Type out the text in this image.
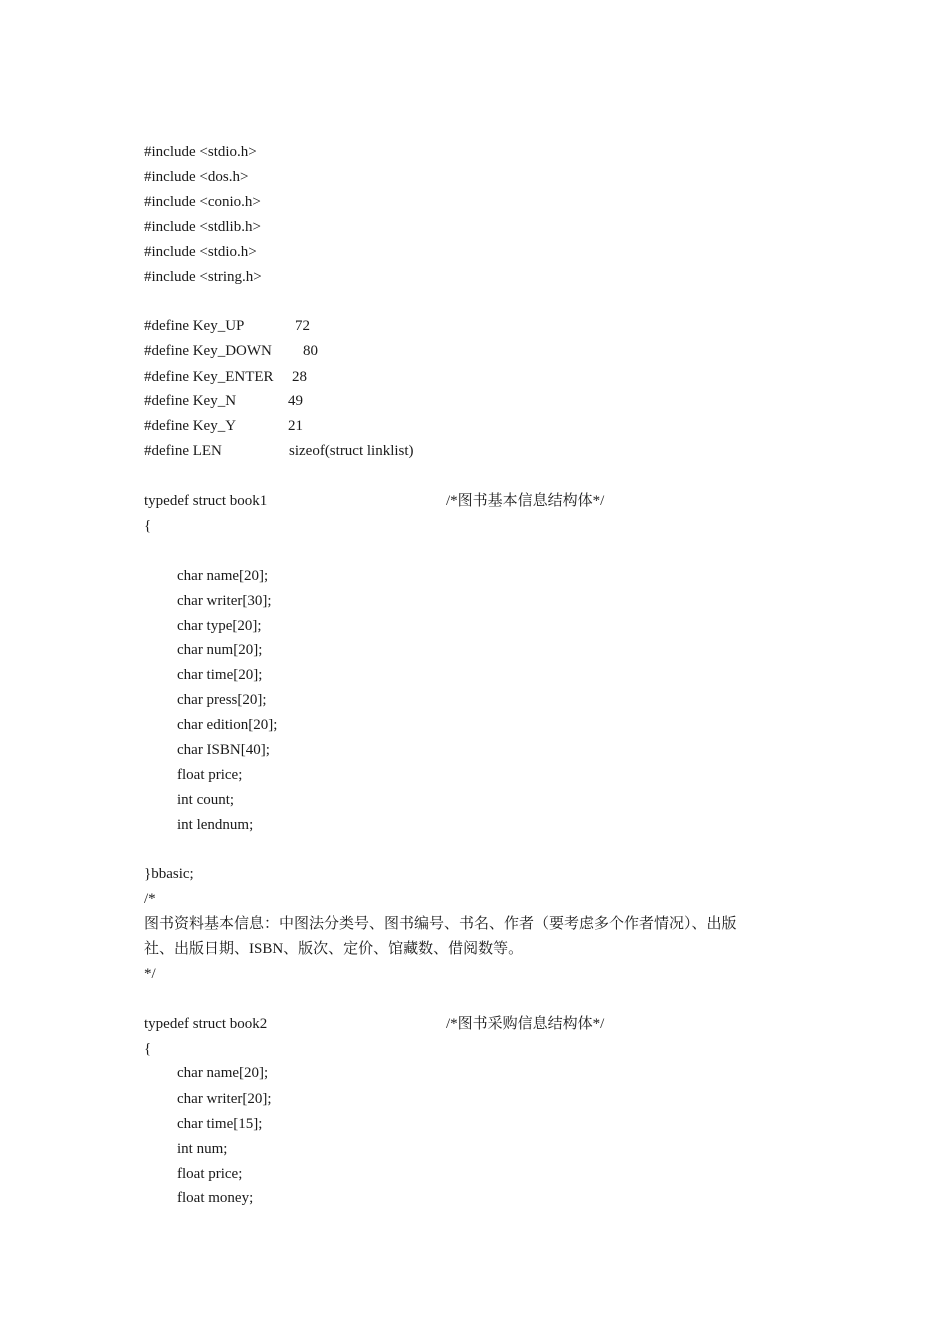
#include <stdio.h>
#include <dos.h>
#include <conio.h>
#include <stdlib.h>
#include <stdio.h>
#include <string.h>
#define Key_UP	72
#define Key_DOWN 80
#define Key_ENTER 28
#define Key_N	49
#define Key_Y	21
#define LEN	sizeof(struct linklist)
typedef struct book1	/*图书基本信息结构体*/
{
char name[20];
char writer[30];
char type[20];
char num[20];
char time[20];
char press[20];
char edition[20];
char ISBN[40];
float price;
int count;
int lendnum;
}bbasic;
/*
图书资料基本信息：中图法分类号、图书编号、书名、作者（要考虑多个作者情况）、出版
社、出版日期、ISBN、版次、定价、馆藏数、借阅数等。
*/
typedef struct book2	/*图书采购信息结构体*/
{
char name[20];
char writer[20];
char time[15];
int num;
float price;
float money;
